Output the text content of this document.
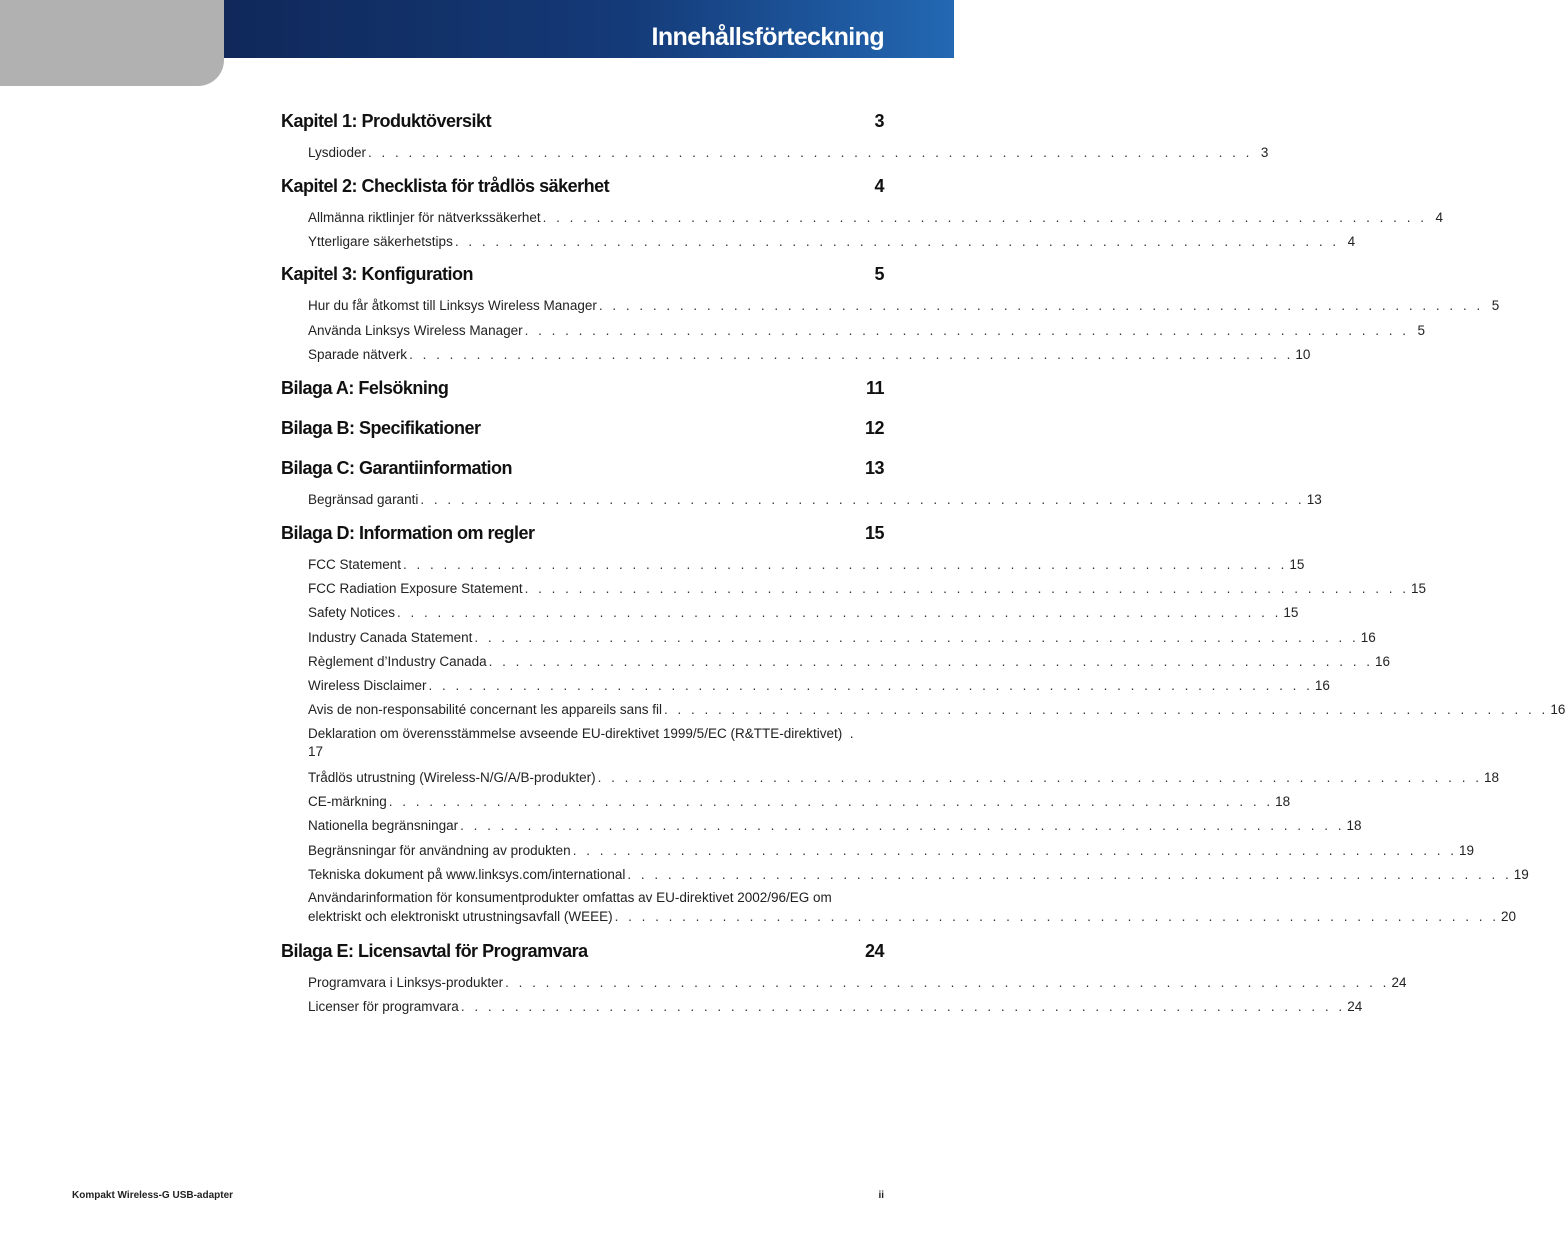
Innehållsförteckning
Kapitel 1: Produktöversikt	3
Lysdioder . . . . . . . . . . . . . . . . . . . . . . . . . . . . . . . . . . . . . . . . . . . . . . . . . . . . . . . . . . . . . . . . . . 3
Kapitel 2: Checklista för trådlös säkerhet	4
Allmänna riktlinjer för nätverkssäkerhet . . . . . . . . . . . . . . . . . . . . . . . . . . . . . . . . . . . . . . . . . . . . . . . . . . . . . . . . . . . . . . . . . . 4
Ytterligare säkerhetstips . . . . . . . . . . . . . . . . . . . . . . . . . . . . . . . . . . . . . . . . . . . . . . . . . . . . . . . . . . . . . . . . . . 4
Kapitel 3: Konfiguration	5
Hur du får åtkomst till Linksys Wireless Manager . . . . . . . . . . . . . . . . . . . . . . . . . . . . . . . . . . . . . . . . . . . . . . . . . . . . . . . . . . . . . . . . . . 5
Använda Linksys Wireless Manager . . . . . . . . . . . . . . . . . . . . . . . . . . . . . . . . . . . . . . . . . . . . . . . . . . . . . . . . . . . . . . . . . . 5
Sparade nätverk . . . . . . . . . . . . . . . . . . . . . . . . . . . . . . . . . . . . . . . . . . . . . . . . . . . . . . . . . . . . . . . . . . 10
Bilaga A: Felsökning	11
Bilaga B: Specifikationer	12
Bilaga C: Garantiinformation	13
Begränsad garanti . . . . . . . . . . . . . . . . . . . . . . . . . . . . . . . . . . . . . . . . . . . . . . . . . . . . . . . . . . . . . . . . . . 13
Bilaga D: Information om regler	15
FCC Statement . . . . . . . . . . . . . . . . . . . . . . . . . . . . . . . . . . . . . . . . . . . . . . . . . . . . . . . . . . . . . . . . . . 15
FCC Radiation Exposure Statement . . . . . . . . . . . . . . . . . . . . . . . . . . . . . . . . . . . . . . . . . . . . . . . . . . . . . . . . . . . . . . . . . . 15
Safety Notices . . . . . . . . . . . . . . . . . . . . . . . . . . . . . . . . . . . . . . . . . . . . . . . . . . . . . . . . . . . . . . . . . . 15
Industry Canada Statement . . . . . . . . . . . . . . . . . . . . . . . . . . . . . . . . . . . . . . . . . . . . . . . . . . . . . . . . . . . . . . . . . . 16
Règlement d’Industry Canada . . . . . . . . . . . . . . . . . . . . . . . . . . . . . . . . . . . . . . . . . . . . . . . . . . . . . . . . . . . . . . . . . . 16
Wireless Disclaimer . . . . . . . . . . . . . . . . . . . . . . . . . . . . . . . . . . . . . . . . . . . . . . . . . . . . . . . . . . . . . . . . . . 16
Avis de non-responsabilité concernant les appareils sans fil . . . . . . . . . . . . . . . . . . . . . . . . . . . . . . . . . . . . . . . . . . . . . . . . . . . . . . . . . . . . . . . . . . 16
Deklaration om överensstämmelse avseende EU-direktivet 1999/5/EC (R&TTE-direktivet)  .
17
Trådlös utrustning (Wireless-N/G/A/B-produkter) . . . . . . . . . . . . . . . . . . . . . . . . . . . . . . . . . . . . . . . . . . . . . . . . . . . . . . . . . . . . . . . . . . 18
CE-märkning . . . . . . . . . . . . . . . . . . . . . . . . . . . . . . . . . . . . . . . . . . . . . . . . . . . . . . . . . . . . . . . . . . 18
Nationella begränsningar . . . . . . . . . . . . . . . . . . . . . . . . . . . . . . . . . . . . . . . . . . . . . . . . . . . . . . . . . . . . . . . . . . 18
Begränsningar för användning av produkten . . . . . . . . . . . . . . . . . . . . . . . . . . . . . . . . . . . . . . . . . . . . . . . . . . . . . . . . . . . . . . . . . . 19
Tekniska dokument på www.linksys.com/international . . . . . . . . . . . . . . . . . . . . . . . . . . . . . . . . . . . . . . . . . . . . . . . . . . . . . . . . . . . . . . . . . . 19
Användarinformation för konsumentprodukter omfattas av EU-direktivet 2002/96/EG om
elektriskt och elektroniskt utrustningsavfall (WEEE) . . . . . . . . . . . . . . . . . . . . . . . . . . . . . . . . . . . . . . . . . . . . . . . . . . . . . . . . . . . . . . . . . . 20
Bilaga E: Licensavtal för Programvara	24
Programvara i Linksys-produkter . . . . . . . . . . . . . . . . . . . . . . . . . . . . . . . . . . . . . . . . . . . . . . . . . . . . . . . . . . . . . . . . . . 24
Licenser för programvara . . . . . . . . . . . . . . . . . . . . . . . . . . . . . . . . . . . . . . . . . . . . . . . . . . . . . . . . . . . . . . . . . . 24
Kompakt Wireless-G USB-adapter	ii
